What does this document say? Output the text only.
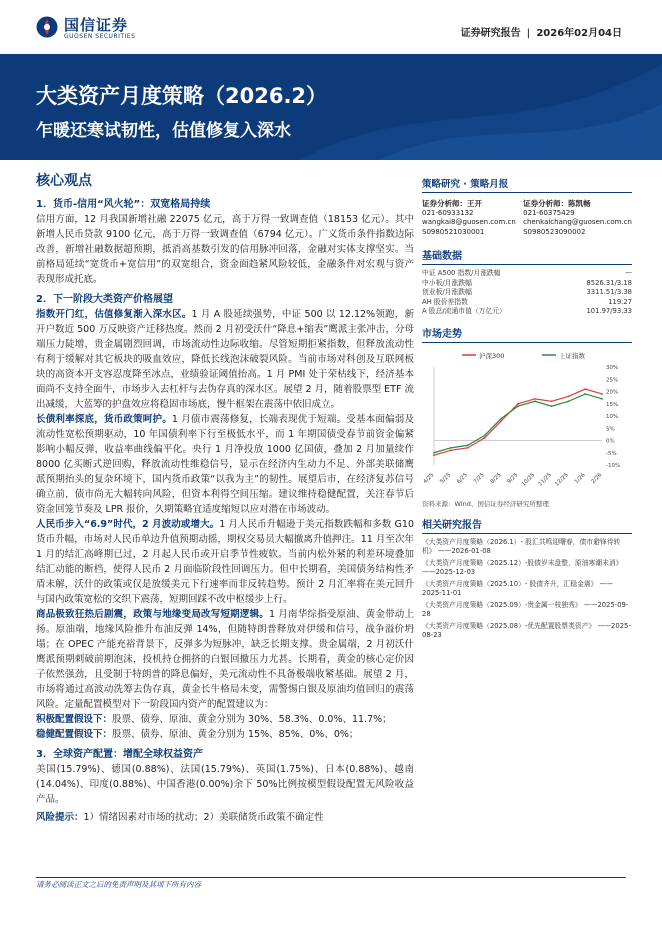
国信证券
GUOSEN SECURITIES	证券研究报告 | 2026年02月04日
大类资产月度策略（2026.2）
乍暖还寒试韧性，估值修复入深水
核心观点
1．货币-信用“风火轮”：双宽格局持续
信用方面，12 月我国新增社融 22075 亿元，高于万得一致调查值（18153 亿元）。其中新增人民币贷款 9100 亿元，高于万得一致调查值（6794 亿元）。广义货币条件指数边际改善，新增社融数据超预期，抵消高基数引发的信用脉冲回落，金融对实体支撑坚实。当前格局延续“宽货币+宽信用”的双宽组合，资金面趋紧风险较低，金融条件对宏观与资产表现形成托底。
2．下一阶段大类资产价格展望
指数开门红，估值修复渐入深水区。1 月 A 股延续强势，中证 500 以 12.12%领跑，新开户数近 500 万反映资产迁移热度。然而 2 月初受沃什“降息+缩表”鹰派主张冲击，分母端压力陡增，贵金属剧烈回调，市场流动性边际收缩。尽管短期拒紧指数，但释放流动性有利于缓解对其它板块的吸血效应，降低长线泡沫破裂风险。当前市场对科创及互联网板块的高资本开支容忍度降至冰点，业绩验证阈值抬高。1 月 PMI 处于荣枯线下，经济基本面尚不支持全面牛，市场步入去杠杆与去伪存真的深水区。展望 2 月，随着股票型 ETF 流出减缓，大蓝筹的护盘效应将稳固市场底，慢牛框架在震荡中依旧成立。
长债利率探底，货币政策呵护。1 月债市震荡修复，长端表现优于短端。受基本面偏弱及流动性宽松预期驱动，10 年国债利率下行至极低水平，而 1 年期国债受春节前资金偏紧影响小幅反弹，收益率曲线偏平化。央行 1 月净投放 1000 亿国债，叠加 2 月加量续作 8000 亿买断式逆回购，释放流动性维稳信号，显示在经济内生动力不足、外部美联储鹰派预期抬头的复杂环境下，国内货币政策“以我为主”的韧性。展望后市，在经济复苏信号确立前，债市尚无大幅转向风险，但资本利得空间压缩。建议维持稳健配置，关注春节后资金回笼节奏及 LPR 报价，久期策略宜适度缩短以应对潜在市场波动。
人民币步入“6.9”时代，2 月波动或增大。1 月人民币升幅逊于美元指数跌幅和多数 G10 货币升幅，市场对人民币单边升值预期动摇，期权交易员大幅撤离升值押注。11 月至次年 1 月的结汇高峰期已过，2 月起人民币或开启季节性疲软。当前内松外紧的利差环境叠加结汇动能的断档，使得人民币 2 月面临阶段性回调压力。但中长期看，美国债务结构性矛盾未解，沃什的政策或仅是放缓美元下行速率而非反转趋势。预计 2 月汇率将在美元回升与国内政策宽松的交织下震荡，短期回踩不改中枢缓步上行。
商品极致狂热后剧震，政策与地缘变局改写短期逻辑。1 月南华综指受原油、黄金带动上扬。原油端，地缘风险推升布油反弹 14%，但随特朗普释放对伊缓和信号，战争溢价坍塌；在 OPEC 产能充裕背景下，反弹多为短脉冲，缺乏长期支撑。贵金属端，2 月初沃什鹰派预期刺破前期泡沫，投机持仓拥挤的白银回撤压力尤甚。长期看，黄金的核心定价因子依然强劲，且受制于特朗普的降息偏好，美元流动性不具备极端收紧基础。展望 2 月，市场将通过高波动洗筹去伪存真，黄金长牛格局未变，需警惕白银及原油均值回归的震荡风险。定量配置模型对下一阶段国内资产的配置建议为：
积极配置假设下：股票、债券、原油、黄金分别为 30%、58.3%、0.0%、11.7%；
稳健配置假设下：股票、债券、原油、黄金分别为 15%、85%、0%、0%；
3．全球资产配置：增配全球权益资产
美国(15.79%)、德国(0.88%)、法国(15.79%)、英国(1.75%)、日本(0.88%)、越南(14.04%)、印度(0.88%)、中国香港(0.00%)余下 50%比例按模型假设配置无风险收益产品。
风险提示：1）情绪因素对市场的扰动；2）美联储货币政策不确定性
策略研究 · 策略月报
证券分析师：王开
021-60933132
wangkai8@guosen.com.cn
S0980521030001
证券分析师：陈凯畅
021-60375429
chenkaichang@guosen.com.cn
S0980523090002
基础数据
中证 A500 指数/月涨跌幅	—
中小板/月涨跌幅	8526.31/3.18
创业板/月涨跌幅	3311.51/3.38
AH 股价差指数	119.27
A 股总/流通市值（万亿元）	101.97/93.33
市场走势
沪深300	上证指数
30%
25%
20%
15%
10%
5%
0%
-5%
-10%
4/25 5/25 6/25 7/25 8/25 9/25 10/25 11/25 12/25 1/26 2/26
资料来源：Wind、国信证券经济研究所整理
相关研究报告
《大类资产月度策略（2026.1）- 股汇共鸣迎曙春，债市避锋待转机》 ——2026-01-08
《大类资产月度策略（2025.12）-股债岁末盘整，原油寒潮未消》 ——2025-12-03
《大类资产月度策略（2025.10）- 股债齐升，汇稳金震》 ——2025-11-01
《大类资产月度策略（2025.09）-贵金属一枝独秀》 ——2025-09-28
《大类资产月度策略（2025.08）-优先配置股票类资产》 ——2025-08-23
请务必阅读正文之后的免责声明及其项下所有内容
